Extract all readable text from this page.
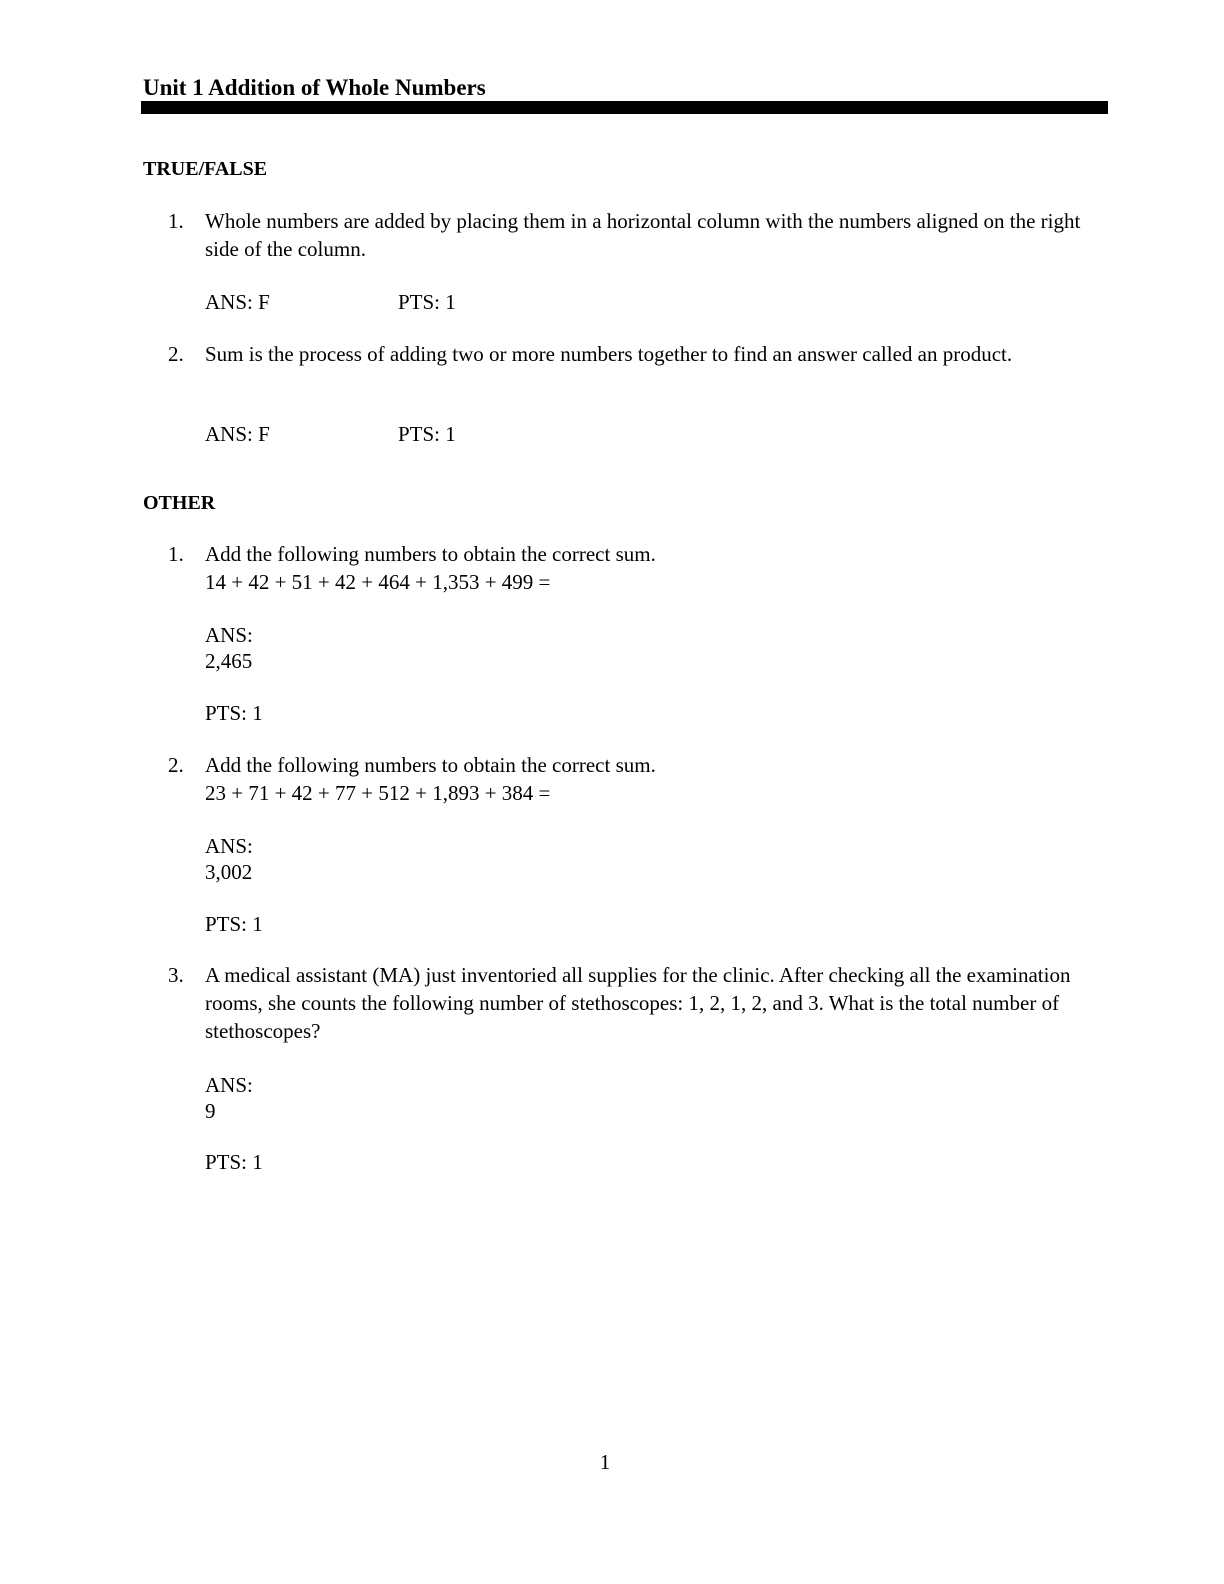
Unit 1 Addition of Whole Numbers
TRUE/FALSE
1.	Whole numbers are added by placing them in a horizontal column with the numbers aligned on the right side of the column.
ANS: F	PTS: 1
2.	Sum is the process of adding two or more numbers together to find an answer called an product.
ANS: F	PTS: 1
OTHER
1.	Add the following numbers to obtain the correct sum.
14 + 42 + 51 + 42 + 464 + 1,353 + 499 =
ANS:
2,465
PTS: 1
2.	Add the following numbers to obtain the correct sum.
23 + 71 + 42 + 77 + 512 + 1,893 + 384 =
ANS:
3,002
PTS: 1
3.	A medical assistant (MA) just inventoried all supplies for the clinic. After checking all the examination rooms, she counts the following number of stethoscopes: 1, 2, 1, 2, and 3. What is the total number of stethoscopes?
ANS:
9
PTS: 1
1
